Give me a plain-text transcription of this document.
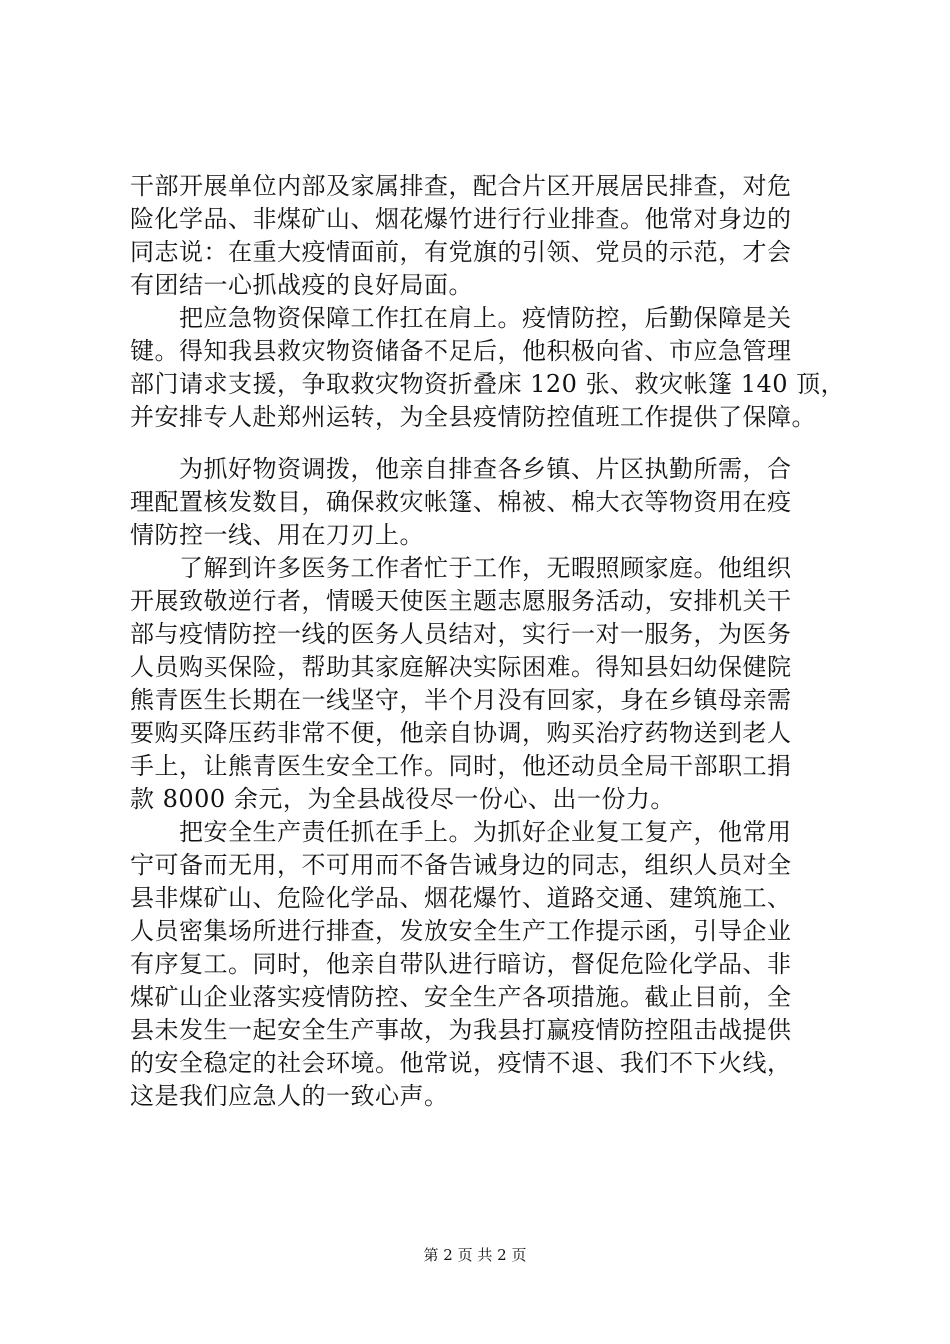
干部开展单位内部及家属排查，配合片区开展居民排查，对危
险化学品、非煤矿山、烟花爆竹进行行业排查。他常对身边的
同志说：在重大疫情面前，有党旗的引领、党员的示范，才会
有团结一心抓战疫的良好局面。
　　把应急物资保障工作扛在肩上。疫情防控，后勤保障是关
键。得知我县救灾物资储备不足后，他积极向省、市应急管理
部门请求支援，争取救灾物资折叠床 120 张、救灾帐篷 140 顶，
并安排专人赴郑州运转，为全县疫情防控值班工作提供了保障。
　　为抓好物资调拨，他亲自排查各乡镇、片区执勤所需，合
理配置核发数目，确保救灾帐篷、棉被、棉大衣等物资用在疫
情防控一线、用在刀刃上。
　　了解到许多医务工作者忙于工作，无暇照顾家庭。他组织
开展致敬逆行者，情暖天使医主题志愿服务活动，安排机关干
部与疫情防控一线的医务人员结对，实行一对一服务，为医务
人员购买保险，帮助其家庭解决实际困难。得知县妇幼保健院
熊青医生长期在一线坚守，半个月没有回家，身在乡镇母亲需
要购买降压药非常不便，他亲自协调，购买治疗药物送到老人
手上，让熊青医生安全工作。同时，他还动员全局干部职工捐
款 8000 余元，为全县战役尽一份心、出一份力。
　　把安全生产责任抓在手上。为抓好企业复工复产，他常用
宁可备而无用，不可用而不备告诫身边的同志，组织人员对全
县非煤矿山、危险化学品、烟花爆竹、道路交通、建筑施工、
人员密集场所进行排查，发放安全生产工作提示函，引导企业
有序复工。同时，他亲自带队进行暗访，督促危险化学品、非
煤矿山企业落实疫情防控、安全生产各项措施。截止目前，全
县未发生一起安全生产事故，为我县打赢疫情防控阻击战提供
的安全稳定的社会环境。他常说，疫情不退、我们不下火线，
这是我们应急人的一致心声。
第 2 页 共 2 页
